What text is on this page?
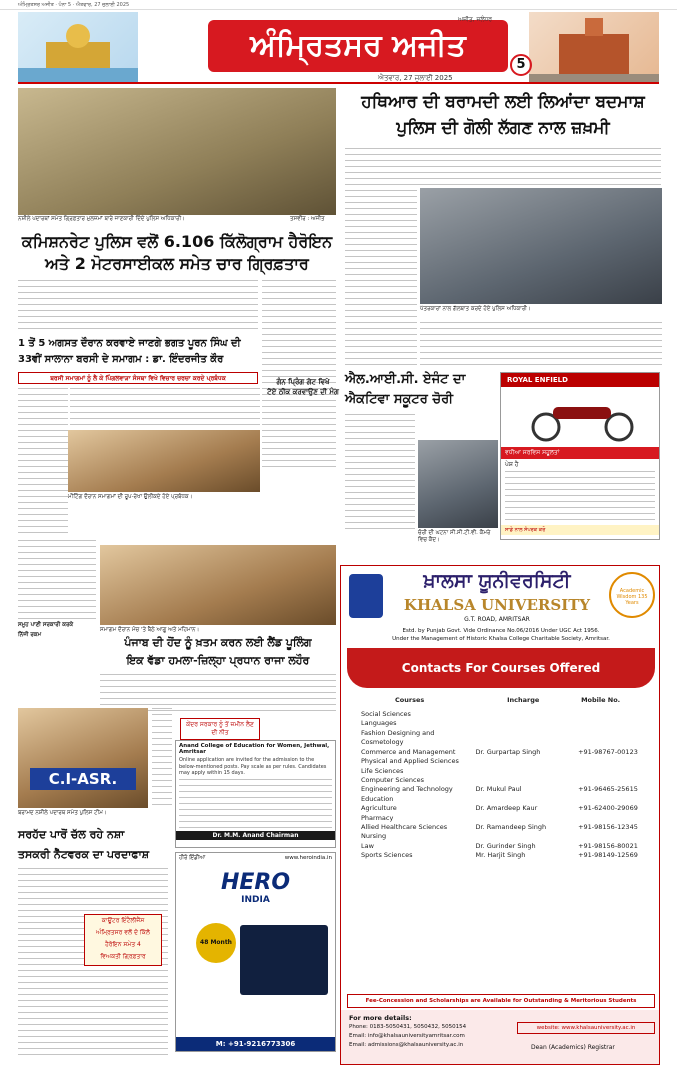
ਅੰਮ੍ਰਿਤਸਰ ਅਜੀਤ · ਪੰਨਾ 5 · ਐਤਵਾਰ, 27 ਜੁਲਾਈ 2025
ਅੰਮ੍ਰਿਤਸਰ ਅਜੀਤ
ਅਜੀਤ, ਜਲੰਧਰ
ਐਤਵਾਰ, 27 ਜੁਲਾਈ 2025
5
ਨਸ਼ੀਲੇ ਪਦਾਰਥਾਂ ਸਮੇਤ ਗ੍ਰਿਫ਼ਤਾਰ ਮੁਲਜ਼ਮਾਂ ਬਾਰੇ ਜਾਣਕਾਰੀ ਦਿੰਦੇ ਪੁਲਿਸ ਅਧਿਕਾਰੀ।	ਤਸਵੀਰ : ਅਜੀਤ
ਹਥਿਆਰ ਦੀ ਬਰਾਮਦੀ ਲਈ ਲਿਆਂਦਾ ਬਦਮਾਸ਼
ਪੁਲਿਸ ਦੀ ਗੋਲੀ ਲੱਗਣ ਨਾਲ ਜ਼ਖ਼ਮੀ
ਪੱਤਰਕਾਰਾਂ ਨਾਲ ਗੱਲਬਾਤ ਕਰਦੇ ਹੋਏ ਪੁਲਿਸ ਅਧਿਕਾਰੀ।
ਕਮਿਸ਼ਨਰੇਟ ਪੁਲਿਸ ਵਲੋਂ 6.106 ਕਿੱਲੋਗ੍ਰਾਮ ਹੈਰੋਇਨ
ਅਤੇ 2 ਮੋਟਰਸਾਈਕਲ ਸਮੇਤ ਚਾਰ ਗ੍ਰਿਫ਼ਤਾਰ
1 ਤੋਂ 5 ਅਗਸਤ ਦੌਰਾਨ ਕਰਵਾਏ ਜਾਣਗੇ ਭਗਤ ਪੂਰਨ ਸਿੰਘ ਦੀ
33ਵੀਂ ਸਾਲਾਨਾ ਬਰਸੀ ਦੇ ਸਮਾਗਮ : ਡਾ. ਇੰਦਰਜੀਤ ਕੌਰ
ਬਰਸੀ ਸਮਾਗਮਾਂ ਨੂੰ ਲੈ ਕੇ ਪਿੰਗਲਵਾੜਾ ਸੰਸਥਾ ਵਿਖੇ ਵਿਚਾਰ ਚਰਚਾ ਕਰਦੇ ਪ੍ਰਬੰਧਕ
ਮੀਟਿੰਗ ਦੌਰਾਨ ਸਮਾਗਮਾਂ ਦੀ ਰੂਪ-ਰੇਖਾ ਉਲੀਕਦੇ ਹੋਏ ਪ੍ਰਬੰਧਕ।
ਐਲ.ਆਈ.ਸੀ. ਏਜੰਟ ਦਾ
ਐਕਟਿਵਾ ਸਕੂਟਰ ਚੋਰੀ
ਚੋਰੀ ਦੀ ਘਟਨਾ ਸੀ.ਸੀ.ਟੀ.ਵੀ. ਕੈਮਰੇ ਵਿਚ ਕੈਦ।
ਗੰਨ ਪ੍ਰਿੰਗ ਗੇਟ ਵਿਖੇ
ਟੋਏ ਠੀਕ ਕਰਵਾਉਣ ਦੀ ਮੰਗ
ROYAL ENFIELD
ਵਧੀਆ ਸਰਵਿਸ ਸਹੂਲਤਾਂ
ਪੇਸ਼ ਹੈ
ਸਾਡੇ ਨਾਲ ਸੰਪਰਕ ਕਰੋ
ਸਮਾਗਮ ਦੌਰਾਨ ਮੰਚ 'ਤੇ ਬੈਠੇ ਆਗੂ ਅਤੇ ਮਹਿਮਾਨ।
ਪੰਜਾਬ ਦੀ ਹੋਂਦ ਨੂੰ ਖ਼ਤਮ ਕਰਨ ਲਈ ਲੈਂਡ ਪੂਲਿੰਗ
ਇਕ ਵੱਡਾ ਹਮਲਾ-ਜ਼ਿਲ੍ਹਾ ਪ੍ਰਧਾਨ ਰਾਜਾ ਲਹੌਰ
ਕੇਂਦਰ ਸਰਕਾਰ ਨੂੰ ਤੋਂ ਜ਼ਮੀਨ ਲੈਣ ਦੀ ਨੀਤ
ਸਮੂਹ ਪਾਣੀ ਸਰਕਾਰੀ ਕਰਕੇ
ਨਿੱਜੀ ਰਕਮ
C.I-ASR.
ਬਰਾਮਦ ਨਸ਼ੀਲੇ ਪਦਾਰਥ ਸਮੇਤ ਪੁਲਿਸ ਟੀਮ।
ਸਰਹੱਦ ਪਾਰੋਂ ਚੱਲ ਰਹੇ ਨਸ਼ਾ
ਤਸਕਰੀ ਨੈੱਟਵਰਕ ਦਾ ਪਰਦਾਫਾਸ਼
ਕਾਊਂਟਰ ਇੰਟੈਲੀਜੈਂਸ
ਅੰਮ੍ਰਿਤਸਰ ਵਲੋਂ ਦੋ ਕਿੱਲੋ
ਹੈਰੋਇਨ ਸਮੇਤ 4
ਵਿਅਕਤੀ ਗ੍ਰਿਫ਼ਤਾਰ
Anand College of Education for Women, Jethwal, Amritsar
Online application are invited for the admission to the below-mentioned posts. Pay scale as per rules. Candidates may apply within 15 days.
Dr. M.M. Anand Chairman
ਹੀਰੋ ਇੰਡੀਆ	www.heroindia.in
HERO
INDIA
48 Month
M: +91-9216773306
ਖ਼ਾਲਸਾ ਯੂਨੀਵਰਸਿਟੀ
KHALSA UNIVERSITY
G.T. ROAD, AMRITSAR
Academic Wisdom 135 Years
Estd. by Punjab Govt. Vide Ordinance No.06/2016 Under UGC Act 1956.
Under the Management of Historic Khalsa College Charitable Society, Amritsar.
Contacts For Courses Offered
Courses	Incharge	Mobile No.
Social Sciences
Languages
Fashion Designing and Cosmetology
Commerce and Management	Dr. Gurpartap Singh	+91-98767-00123
Physical and Applied Sciences
Life Sciences
Computer Sciences
Engineering and Technology	Dr. Mukul Paul	+91-96465-25615
Education
Agriculture	Dr. Amardeep Kaur	+91-62400-29069
Pharmacy
Allied Healthcare Sciences	Dr. Ramandeep Singh	+91-98156-12345
Nursing
Law	Dr. Gurinder Singh	+91-98156-80021
Sports Sciences	Mr. Harjit Singh	+91-98149-12569
Fee-Concession and Scholarships are Available for Outstanding & Meritorious Students
For more details:
Phone: 0183-5050431, 5050432, 5050154
Email: info@khalsauniversityamritsar.com
Email: admissions@khalsauniversity.ac.in
website: www.khalsauniversity.ac.in
Dean (Academics) Registrar
